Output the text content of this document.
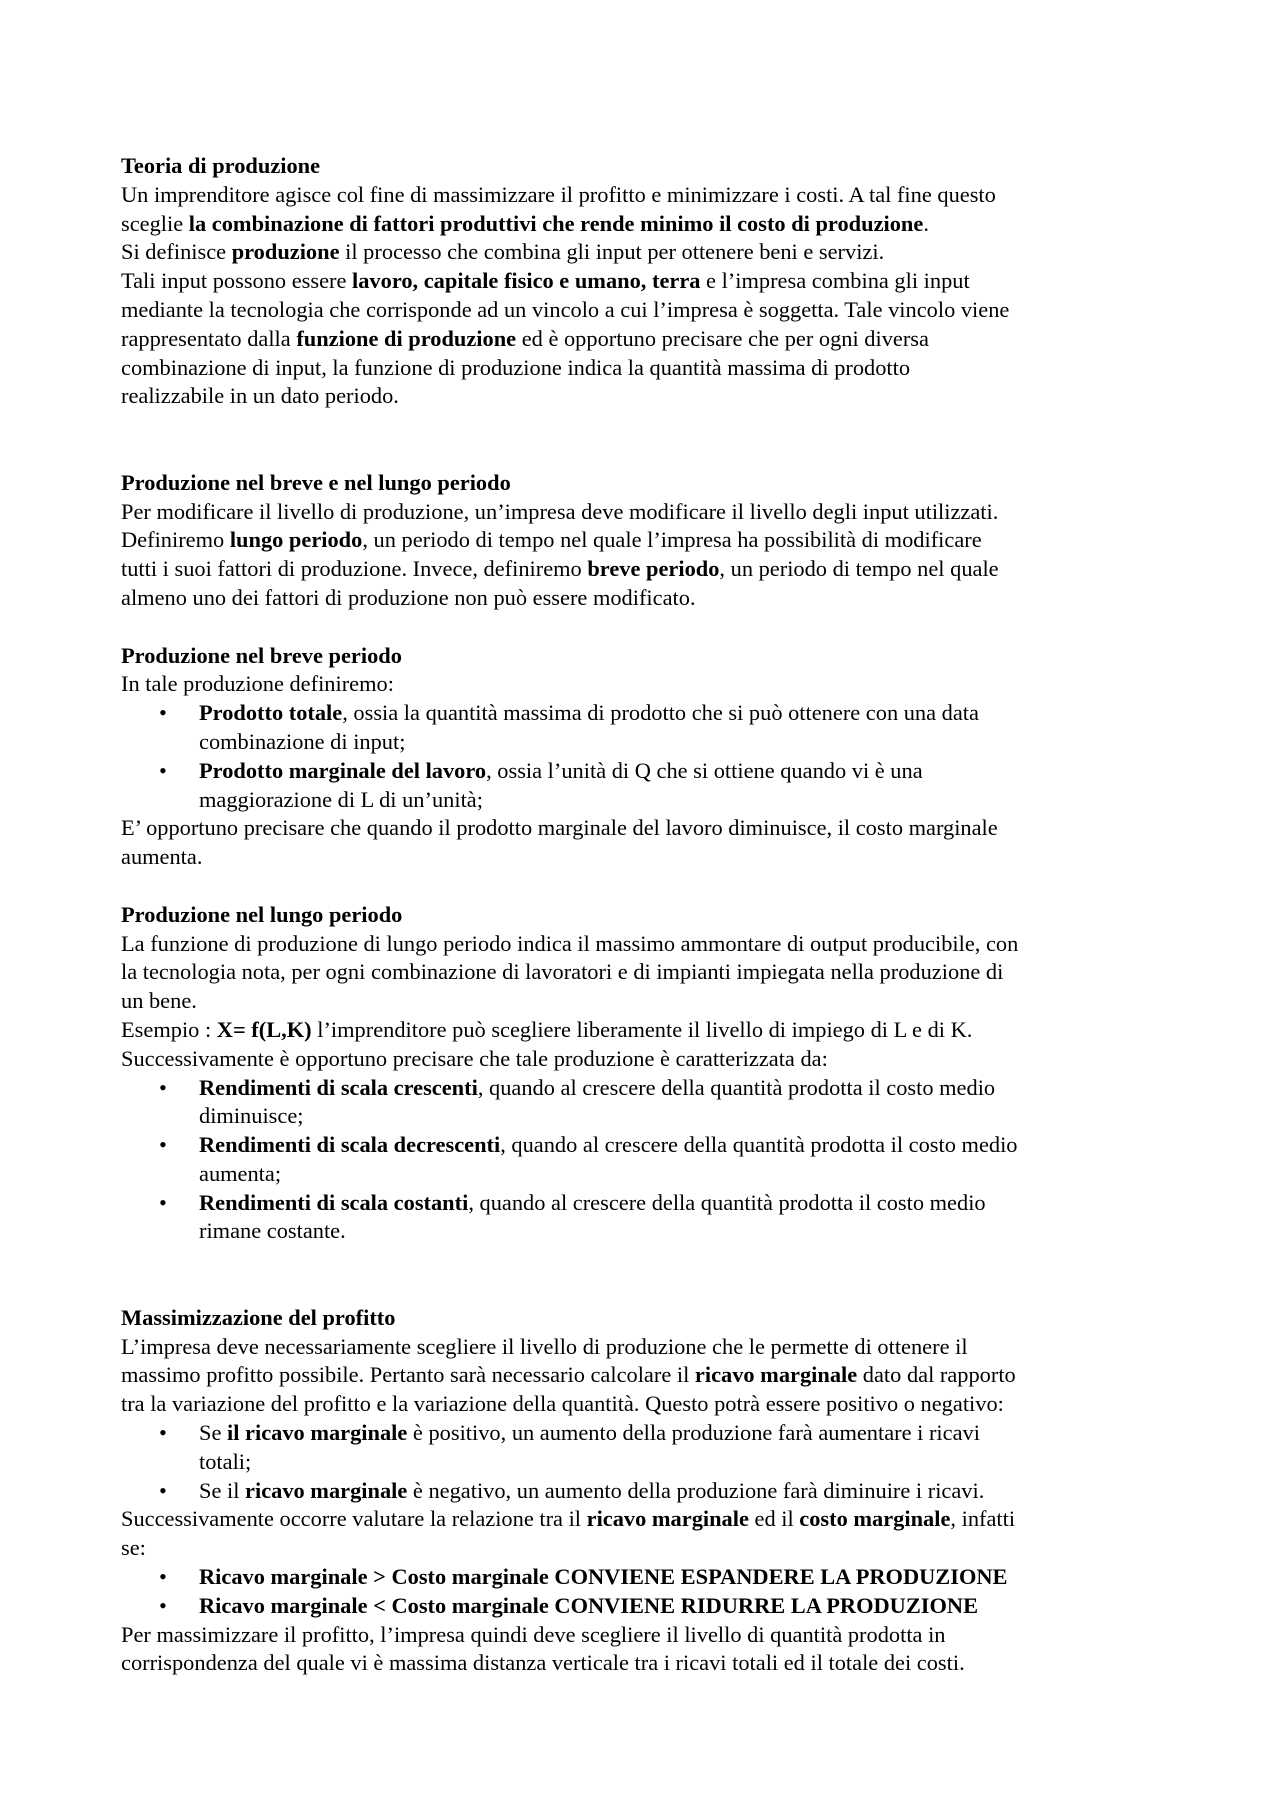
Teoria di produzione
Un imprenditore agisce col fine di massimizzare il profitto e minimizzare i costi. A tal fine questo
sceglie la combinazione di fattori produttivi che rende minimo il costo di produzione.
Si definisce produzione il processo che combina gli input per ottenere beni e servizi.
Tali input possono essere lavoro, capitale fisico e umano, terra e l’impresa combina gli input
mediante la tecnologia che corrisponde ad un vincolo a cui l’impresa è soggetta. Tale vincolo viene
rappresentato dalla funzione di produzione ed è opportuno precisare che per ogni diversa
combinazione di input, la funzione di produzione indica la quantità massima di prodotto
realizzabile in un dato periodo.
Produzione nel breve e nel lungo periodo
Per modificare il livello di produzione, un’impresa deve modificare il livello degli input utilizzati.
Definiremo lungo periodo, un periodo di tempo nel quale l’impresa ha possibilità di modificare
tutti i suoi fattori di produzione. Invece, definiremo breve periodo, un periodo di tempo nel quale
almeno uno dei fattori di produzione non può essere modificato.
Produzione nel breve periodo
In tale produzione definiremo:
• Prodotto totale, ossia la quantità massima di prodotto che si può ottenere con una data
combinazione di input;
• Prodotto marginale del lavoro, ossia l’unità di Q che si ottiene quando vi è una
maggiorazione di L di un’unità;
E’ opportuno precisare che quando il prodotto marginale del lavoro diminuisce, il costo marginale
aumenta.
Produzione nel lungo periodo
La funzione di produzione di lungo periodo indica il massimo ammontare di output producibile, con
la tecnologia nota, per ogni combinazione di lavoratori e di impianti impiegata nella produzione di
un bene.
Esempio : X= f(L,K) l’imprenditore può scegliere liberamente il livello di impiego di L e di K.
Successivamente è opportuno precisare che tale produzione è caratterizzata da:
• Rendimenti di scala crescenti, quando al crescere della quantità prodotta il costo medio
diminuisce;
• Rendimenti di scala decrescenti, quando al crescere della quantità prodotta il costo medio
aumenta;
• Rendimenti di scala costanti, quando al crescere della quantità prodotta il costo medio
rimane costante.
Massimizzazione del profitto
L’impresa deve necessariamente scegliere il livello di produzione che le permette di ottenere il
massimo profitto possibile. Pertanto sarà necessario calcolare il ricavo marginale dato dal rapporto
tra la variazione del profitto e la variazione della quantità. Questo potrà essere positivo o negativo:
• Se il ricavo marginale è positivo, un aumento della produzione farà aumentare i ricavi
totali;
• Se il ricavo marginale è negativo, un aumento della produzione farà diminuire i ricavi.
Successivamente occorre valutare la relazione tra il ricavo marginale ed il costo marginale, infatti
se:
• Ricavo marginale > Costo marginale CONVIENE ESPANDERE LA PRODUZIONE
• Ricavo marginale < Costo marginale CONVIENE RIDURRE LA PRODUZIONE
Per massimizzare il profitto, l’impresa quindi deve scegliere il livello di quantità prodotta in
corrispondenza del quale vi è massima distanza verticale tra i ricavi totali ed il totale dei costi.
